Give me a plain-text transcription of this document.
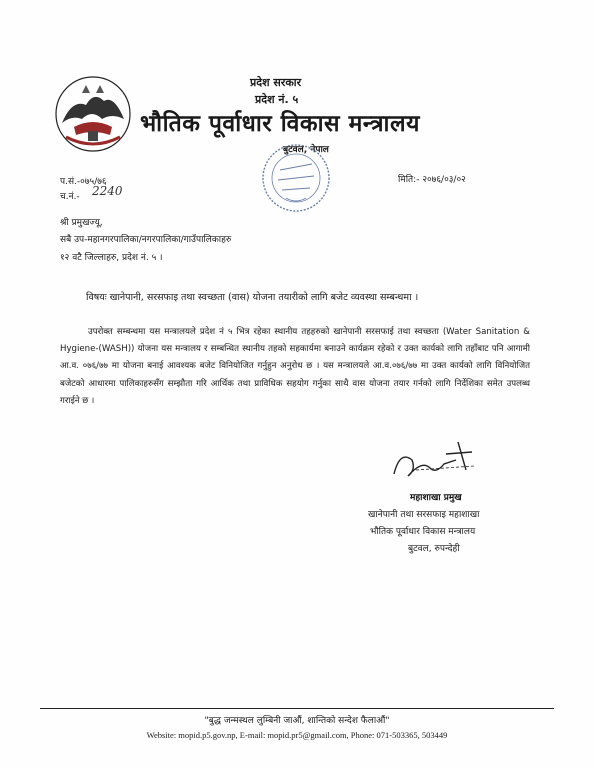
प्रदेश सरकार
प्रदेश नं. ५
भौतिक पूर्वाधार विकास मन्त्रालय
बुटवल, नेपाल
प.सं.-०७५/७६
च.नं.- 2240
मिति:- २०७६/०३/०२
श्री प्रमुखज्यू,
सबै उप-महानगरपालिका/नगरपालिका/गाउँपालिकाहरु
१२ वटै जिल्लाहरु, प्रदेश नं. ५ ।
विषयः खानेपानी, सरसफाइ तथा स्वच्छता (वास) योजना तयारीको लागि बजेट व्यवस्था सम्बन्धमा ।

उपरोक्त सम्बन्धमा यस मन्त्रालयले प्रदेश नं ५ भित्र रहेका स्थानीय तहहरुको खानेपानी सरसफाई तथा स्वच्छता (Water Sanitation & Hygiene-(WASH)) योजना यस मन्त्रालय र सम्बन्धित स्थानीय तहको सहकार्यमा बनाउने कार्यक्रम रहेको र उक्त कार्यको लागि तहाँबाट पनि आगामी आ.व. ०७६/७७ मा योजना बनाई आवश्यक बजेट विनियोजित गर्नुहुन अनुरोध छ । यस मन्त्रालयले आ.व.०७६/७७ मा उक्त कार्यको लागि विनियोजित बजेटको आधारमा पालिकाहरुसँग सम्झौता गरि आर्थिक तथा प्राविधिक सहयोग गर्नुका साथै वास योजना तयार गर्नको लागि निर्देशिका समेत उपलब्ध गराईने छ ।

महाशाखा प्रमुख
खानेपानी तथा सरसफाइ महाशाखा
भौतिक पूर्वाधार विकास मन्त्रालय
बुटवल, रुपन्देही
"बुद्ध जन्मस्थल लुम्बिनी जाऔं, शान्तिको सन्देश फैलाऔं"
Website: mopid.p5.gov.np, E-mail: mopid.pr5@gmail.com, Phone: 071-503365, 503449
